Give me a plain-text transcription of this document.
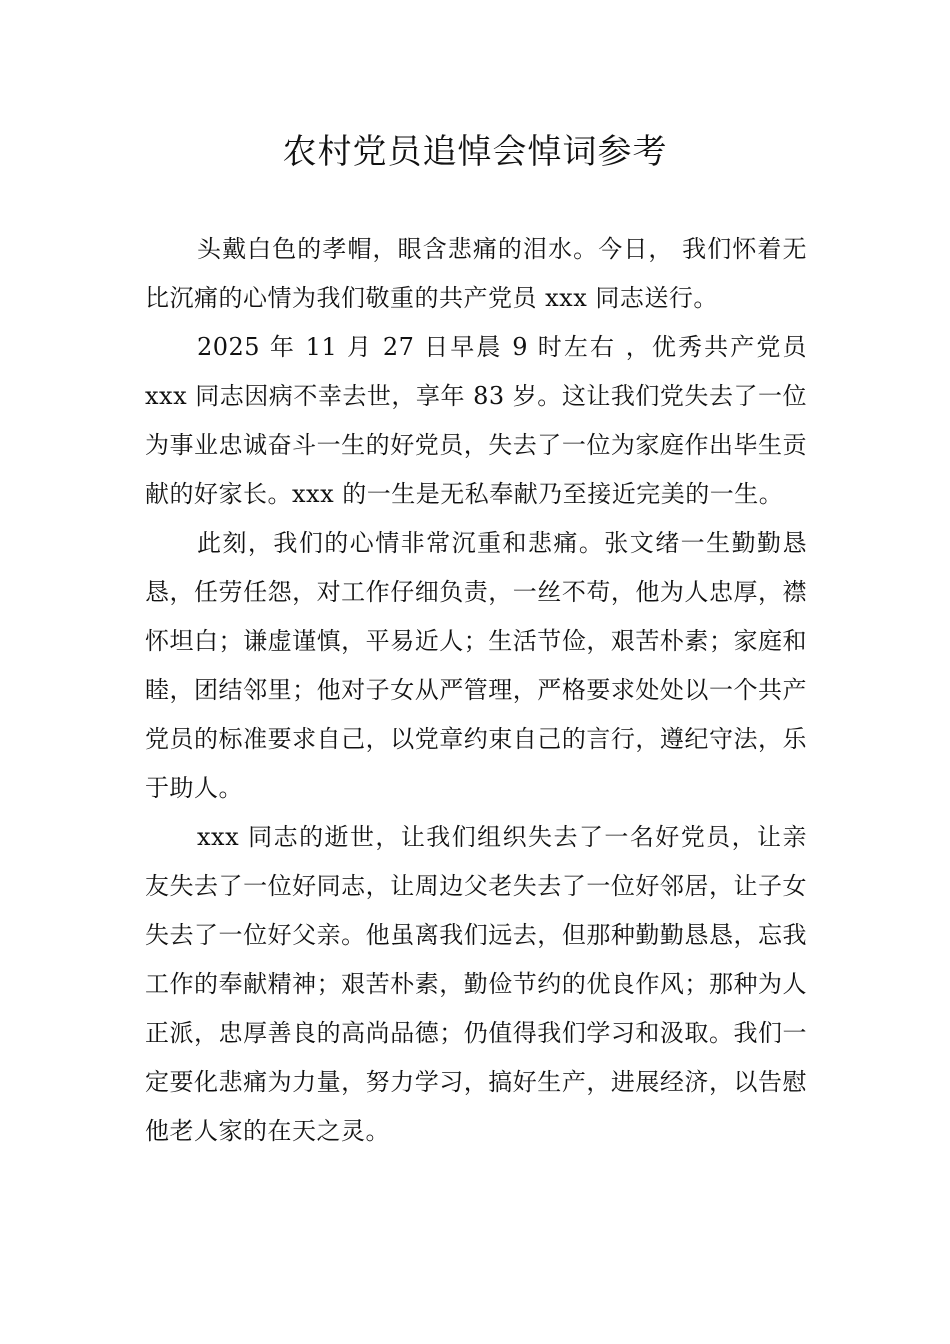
农村党员追悼会悼词参考

头戴白色的孝帽，眼含悲痛的泪水。今日， 我们怀着无比沉痛的心情为我们敬重的共产党员 xxx 同志送行。

2025 年 11 月 27 日早晨 9 时左右 ，优秀共产党员 xxx 同志因病不幸去世，享年 83 岁。这让我们党失去了一位为事业忠诚奋斗一生的好党员，失去了一位为家庭作出毕生贡献的好家长。xxx 的一生是无私奉献乃至接近完美的一生。

此刻，我们的心情非常沉重和悲痛。张文绪一生勤勤恳恳，任劳任怨，对工作仔细负责，一丝不苟，他为人忠厚，襟怀坦白；谦虚谨慎，平易近人；生活节俭，艰苦朴素；家庭和睦，团结邻里；他对子女从严管理，严格要求处处以一个共产党员的标准要求自己，以党章约束自己的言行，遵纪守法，乐于助人。

xxx 同志的逝世，让我们组织失去了一名好党员，让亲友失去了一位好同志，让周边父老失去了一位好邻居，让子女失去了一位好父亲。他虽离我们远去，但那种勤勤恳恳，忘我工作的奉献精神；艰苦朴素，勤俭节约的优良作风；那种为人正派，忠厚善良的高尚品德；仍值得我们学习和汲取。我们一定要化悲痛为力量，努力学习，搞好生产，进展经济，以告慰他老人家的在天之灵。
